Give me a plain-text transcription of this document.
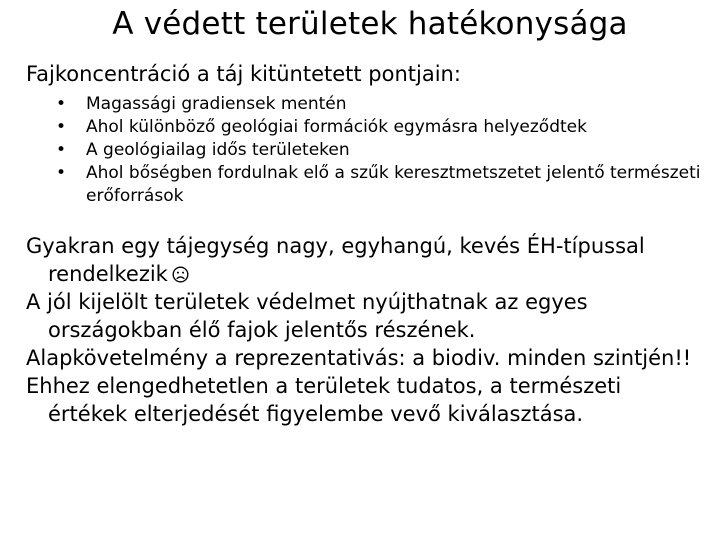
A védett területek hatékonysága
Fajkoncentráció a táj kitüntetett pontjain:
• Magassági gradiensek mentén
• Ahol különböző geológiai formációk egymásra helyeződtek
• A geológiailag idős területeken
• Ahol bőségben fordulnak elő a szűk keresztmetszetet jelentő természeti erőforrások

Gyakran egy tájegység nagy, egyhangú, kevés ÉH-típussal rendelkezik

A jól kijelölt területek védelmet nyújthatnak az egyes országokban élő fajok jelentős részének.

Alapkövetelmény a reprezentativás: a biodiv. minden szintjén!!

Ehhez elengedhetetlen a területek tudatos, a természeti értékek elterjedését figyelembe vevő kiválasztása.
